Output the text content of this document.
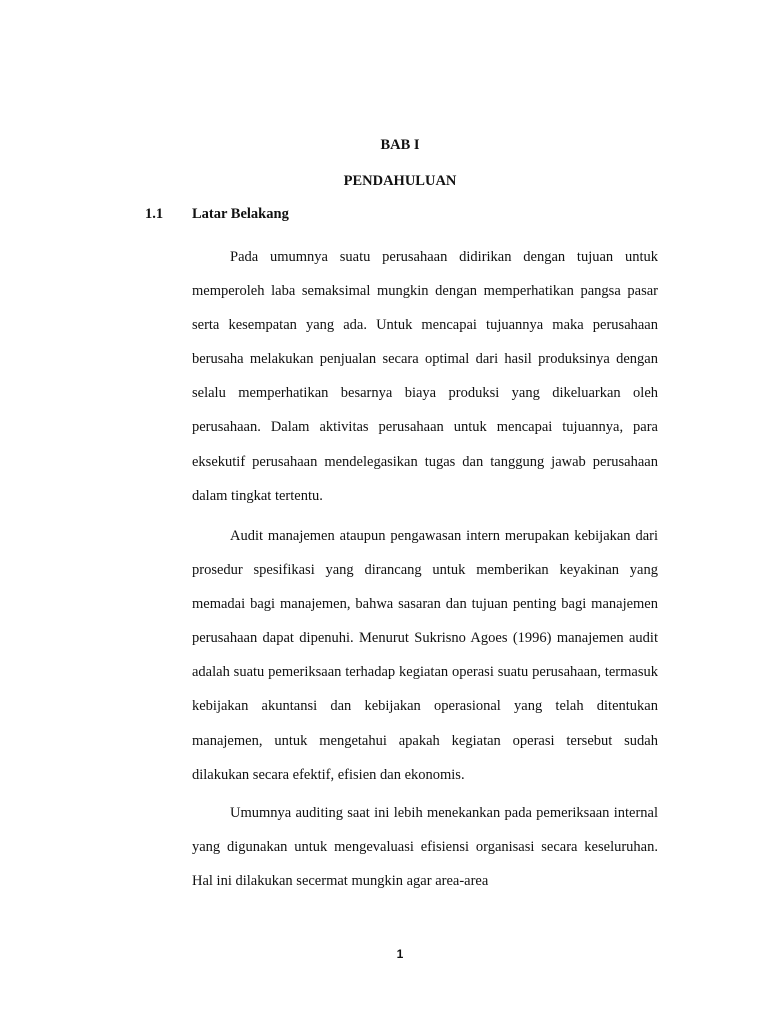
BAB I
PENDAHULUAN
1.1 Latar Belakang

Pada umumnya suatu perusahaan didirikan dengan tujuan untuk memperoleh laba semaksimal mungkin dengan memperhatikan pangsa pasar serta kesempatan yang ada. Untuk mencapai tujuannya maka perusahaan berusaha melakukan penjualan secara optimal dari hasil produksinya dengan selalu memperhatikan besarnya biaya produksi yang dikeluarkan oleh perusahaan. Dalam aktivitas perusahaan untuk mencapai tujuannya, para eksekutif perusahaan mendelegasikan tugas dan tanggung jawab perusahaan dalam tingkat tertentu.

Audit manajemen ataupun pengawasan intern merupakan kebijakan dari prosedur spesifikasi yang dirancang untuk memberikan keyakinan yang memadai bagi manajemen, bahwa sasaran dan tujuan penting bagi manajemen perusahaan dapat dipenuhi. Menurut Sukrisno Agoes (1996) manajemen audit adalah suatu pemeriksaan terhadap kegiatan operasi suatu perusahaan, termasuk kebijakan akuntansi dan kebijakan operasional yang telah ditentukan manajemen, untuk mengetahui apakah kegiatan operasi tersebut sudah dilakukan secara efektif, efisien dan ekonomis.

Umumnya auditing saat ini lebih menekankan pada pemeriksaan internal yang digunakan untuk mengevaluasi efisiensi organisasi secara keseluruhan. Hal ini dilakukan secermat mungkin agar area-area

1
